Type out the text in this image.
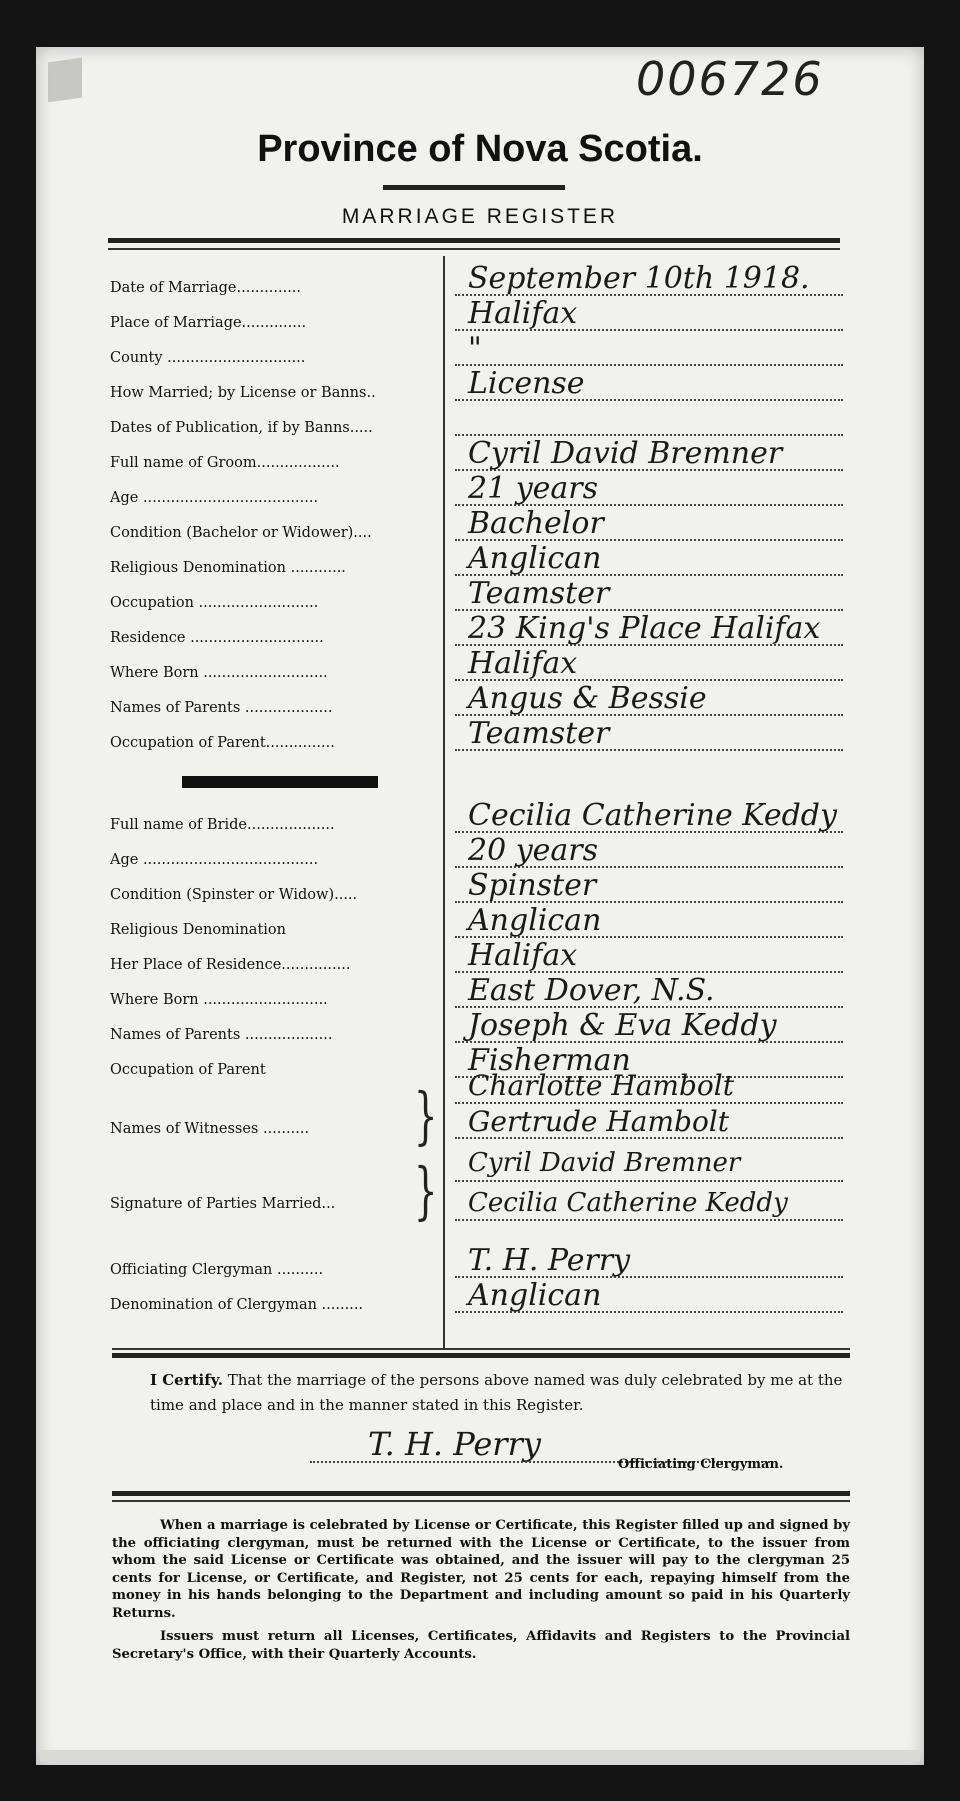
006726
Province of Nova Scotia.
MARRIAGE REGISTER
Date of Marriage..............	September 10th 1918.
Place of Marriage..............	Halifax
County ..............................	"
How Married; by License or Banns..	License
Dates of Publication, if by Banns.....
Full name of Groom..................	Cyril David Bremner
Age ......................................	21 years
Condition (Bachelor or Widower)....	Bachelor
Religious Denomination ............	Anglican
Occupation ..........................	Teamster
Residence .............................	23 King's Place Halifax
Where Born ...........................	Halifax
Names of Parents ...................	Angus & Bessie
Occupation of Parent...............	Teamster
Full name of Bride...................	Cecilia Catherine Keddy
Age ......................................	20 years
Condition (Spinster or Widow).....	Spinster
Religious Denomination	Anglican
Her Place of Residence...............	Halifax
Where Born ...........................	East Dover, N.S.
Names of Parents ...................	Joseph & Eva Keddy
Occupation of Parent	Fisherman
Names of Witnesses ..........	} Charlotte Hambolt
Gertrude Hambolt
Signature of Parties Married...	} Cyril David Bremner
Cecilia Catherine Keddy
Officiating Clergyman ..........	T. H. Perry
Denomination of Clergyman .........	Anglican
I Certify. That the marriage of the persons above named was duly celebrated by me at the time and place and in the manner stated in this Register.
T. H. Perry
Officiating Clergyman.
When a marriage is celebrated by License or Certificate, this Register filled up and signed by the officiating clergyman, must be returned with the License or Certificate, to the issuer from whom the said License or Certificate was obtained, and the issuer will pay to the clergyman 25 cents for License, or Certificate, and Register, not 25 cents for each, repaying himself from the money in his hands belonging to the Department and including amount so paid in his Quarterly Returns.
Issuers must return all Licenses, Certificates, Affidavits and Registers to the Provincial Secretary's Office, with their Quarterly Accounts.
